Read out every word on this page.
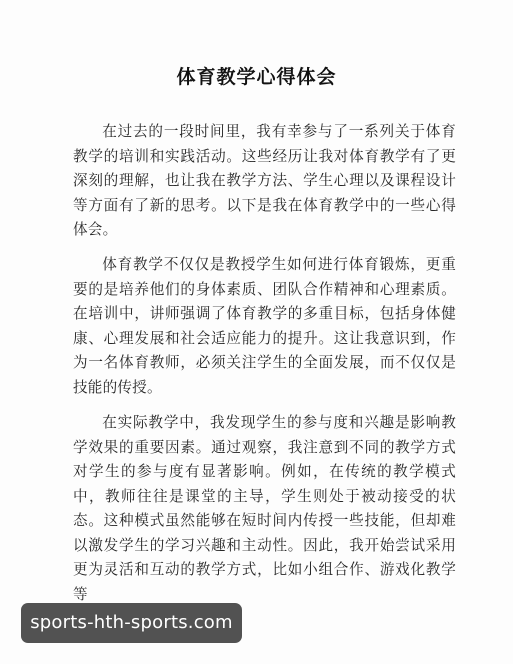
体育教学心得体会

在过去的一段时间里，我有幸参与了一系列关于体育教学的培训和实践活动。这些经历让我对体育教学有了更深刻的理解，也让我在教学方法、学生心理以及课程设计等方面有了新的思考。以下是我在体育教学中的一些心得体会。

体育教学不仅仅是教授学生如何进行体育锻炼，更重要的是培养他们的身体素质、团队合作精神和心理素质。在培训中，讲师强调了体育教学的多重目标，包括身体健康、心理发展和社会适应能力的提升。这让我意识到，作为一名体育教师，必须关注学生的全面发展，而不仅仅是技能的传授。

在实际教学中，我发现学生的参与度和兴趣是影响教学效果的重要因素。通过观察，我注意到不同的教学方式对学生的参与度有显著影响。例如，在传统的教学模式中，教师往往是课堂的主导，学生则处于被动接受的状态。这种模式虽然能够在短时间内传授一些技能，但却难以激发学生的学习兴趣和主动性。因此，我开始尝试采用更为灵活和互动的教学方式，比如小组合作、游戏化教学等

sports-hth-sports.com
